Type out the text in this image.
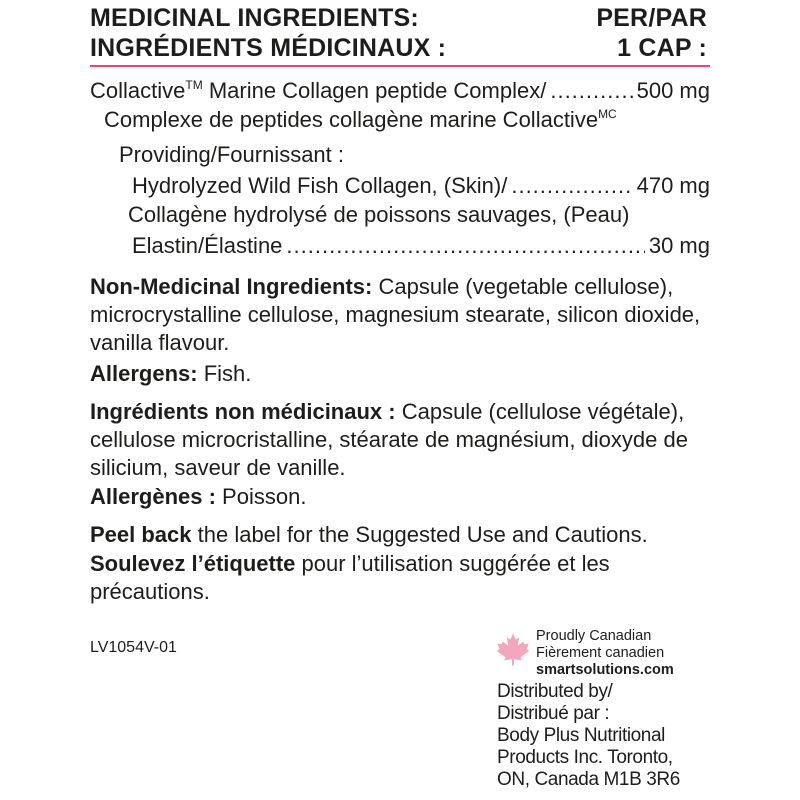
MEDICINAL INGREDIENTS:
INGRÉDIENTS MÉDICINAUX :
PER/PAR
1 CAP :
Collactive™ Marine Collagen peptide Complex/ .....	500 mg
Complexe de peptides collagène marine Collactive$^{MC}$
Providing/Fournissant :
Hydrolyzed Wild Fish Collagen, (Skin)/ .....	470 mg
Collagène hydrolysé de poissons sauvages, (Peau)
Elastin/Élastine .....	30 mg
Non-Medicinal Ingredients: Capsule (vegetable cellulose), microcrystalline cellulose, magnesium stearate, silicon dioxide, vanilla flavour.
Allergens: Fish.
Ingrédients non médicinaux : Capsule (cellulose végétale), cellulose microcristalline, stéarate de magnésium, dioxyde de silicium, saveur de vanille.
Allergènes : Poisson.
Peel back the label for the Suggested Use and Cautions.
Soulevez l’étiquette pour l’utilisation suggérée et les précautions.
LV1054V-01
Proudly Canadian
Fièrement canadien
smartsolutions.com
Distributed by/
Distribué par :
Body Plus Nutritional
Products Inc. Toronto,
ON, Canada M1B 3R6
